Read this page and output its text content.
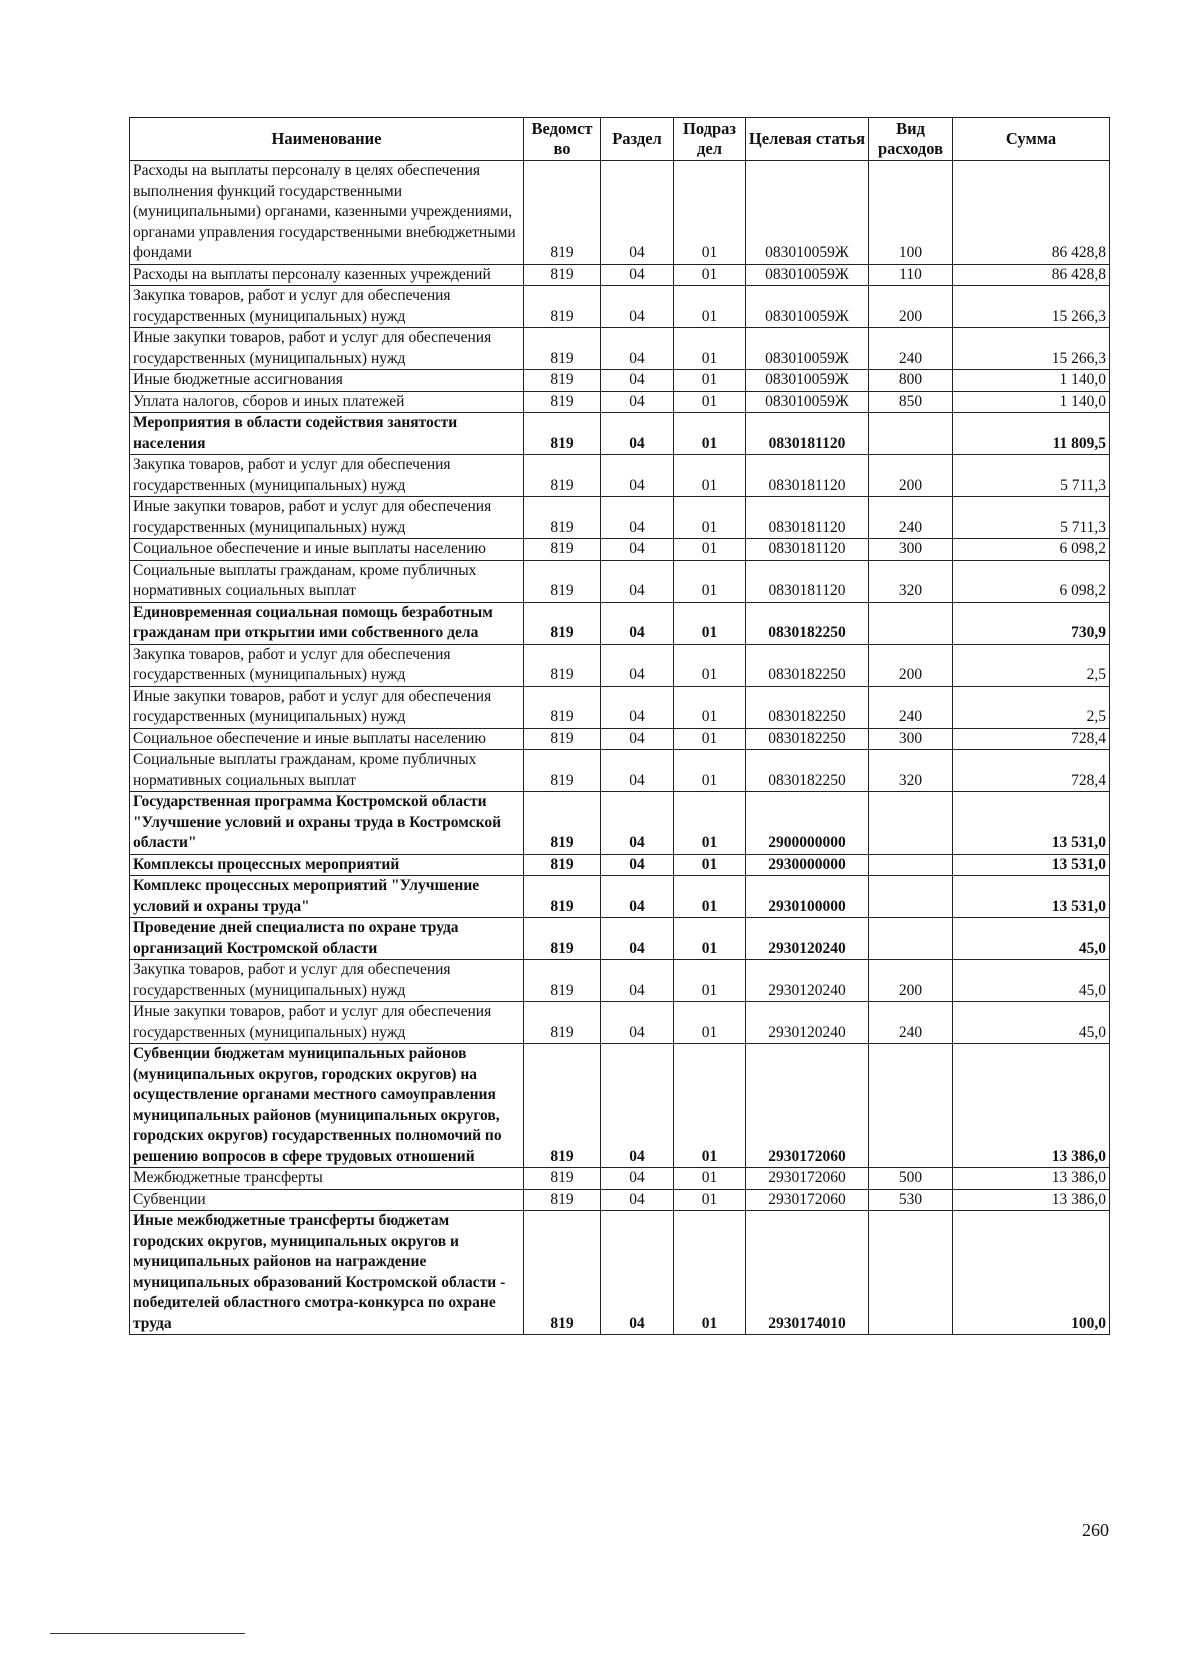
Наименование	Ведомст во	Раздел	Подраз дел	Целевая статья	Вид расходов	Сумма
Расходы на выплаты персоналу в целях обеспечения выполнения функций государственными (муниципальными) органами, казенными учреждениями, органами управления государственными внебюджетными фондами	819	04	01	083010059Ж	100	86 428,8
Расходы на выплаты персоналу казенных учреждений	819	04	01	083010059Ж	110	86 428,8
Закупка товаров, работ и услуг для обеспечения государственных (муниципальных) нужд	819	04	01	083010059Ж	200	15 266,3
Иные закупки товаров, работ и услуг для обеспечения государственных (муниципальных) нужд	819	04	01	083010059Ж	240	15 266,3
Иные бюджетные ассигнования	819	04	01	083010059Ж	800	1 140,0
Уплата налогов, сборов и иных платежей	819	04	01	083010059Ж	850	1 140,0
Мероприятия в области содействия занятости населения	819	04	01	0830181120		11 809,5
Закупка товаров, работ и услуг для обеспечения государственных (муниципальных) нужд	819	04	01	0830181120	200	5 711,3
Иные закупки товаров, работ и услуг для обеспечения государственных (муниципальных) нужд	819	04	01	0830181120	240	5 711,3
Социальное обеспечение и иные выплаты населению	819	04	01	0830181120	300	6 098,2
Социальные выплаты гражданам, кроме публичных нормативных социальных выплат	819	04	01	0830181120	320	6 098,2
Единовременная социальная помощь безработным гражданам при открытии ими собственного дела	819	04	01	0830182250		730,9
Закупка товаров, работ и услуг для обеспечения государственных (муниципальных) нужд	819	04	01	0830182250	200	2,5
Иные закупки товаров, работ и услуг для обеспечения государственных (муниципальных) нужд	819	04	01	0830182250	240	2,5
Социальное обеспечение и иные выплаты населению	819	04	01	0830182250	300	728,4
Социальные выплаты гражданам, кроме публичных нормативных социальных выплат	819	04	01	0830182250	320	728,4
Государственная программа Костромской области "Улучшение условий и охраны труда в Костромской области"	819	04	01	2900000000		13 531,0
Комплексы процессных мероприятий	819	04	01	2930000000		13 531,0
Комплекс процессных мероприятий "Улучшение условий и охраны труда"	819	04	01	2930100000		13 531,0
Проведение дней специалиста по охране труда организаций Костромской области	819	04	01	2930120240		45,0
Закупка товаров, работ и услуг для обеспечения государственных (муниципальных) нужд	819	04	01	2930120240	200	45,0
Иные закупки товаров, работ и услуг для обеспечения государственных (муниципальных) нужд	819	04	01	2930120240	240	45,0
Субвенции бюджетам муниципальных районов (муниципальных округов, городских округов) на осуществление органами местного самоуправления муниципальных районов (муниципальных округов, городских округов) государственных полномочий по решению вопросов в сфере трудовых отношений	819	04	01	2930172060		13 386,0
Межбюджетные трансферты	819	04	01	2930172060	500	13 386,0
Субвенции	819	04	01	2930172060	530	13 386,0
Иные межбюджетные трансферты бюджетам городских округов, муниципальных округов и муниципальных районов на награждение муниципальных образований Костромской области - победителей областного смотра-конкурса по охране труда	819	04	01	2930174010		100,0
260
